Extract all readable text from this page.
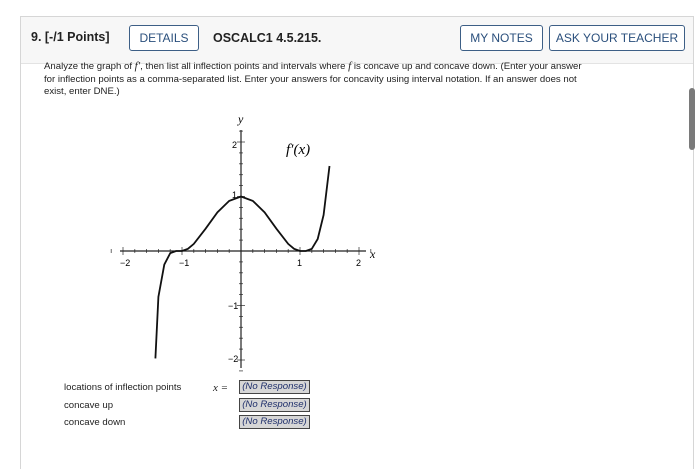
9. [-/1 Points]	DETAILS	OSCALC1 4.5.215.	MY NOTES	ASK YOUR TEACHER
Analyze the graph of f′, then list all inflection points and intervals where f is concave up and concave down. (Enter your answer
for inflection points as a comma-separated list. Enter your answers for concavity using interval notation. If an answer does not
exist, enter DNE.)
y
x
−2	−1	1	2
2
1
−1
−2
f′(x)
locations of inflection points	x =	(No Response)
concave up	(No Response)
concave down	(No Response)
